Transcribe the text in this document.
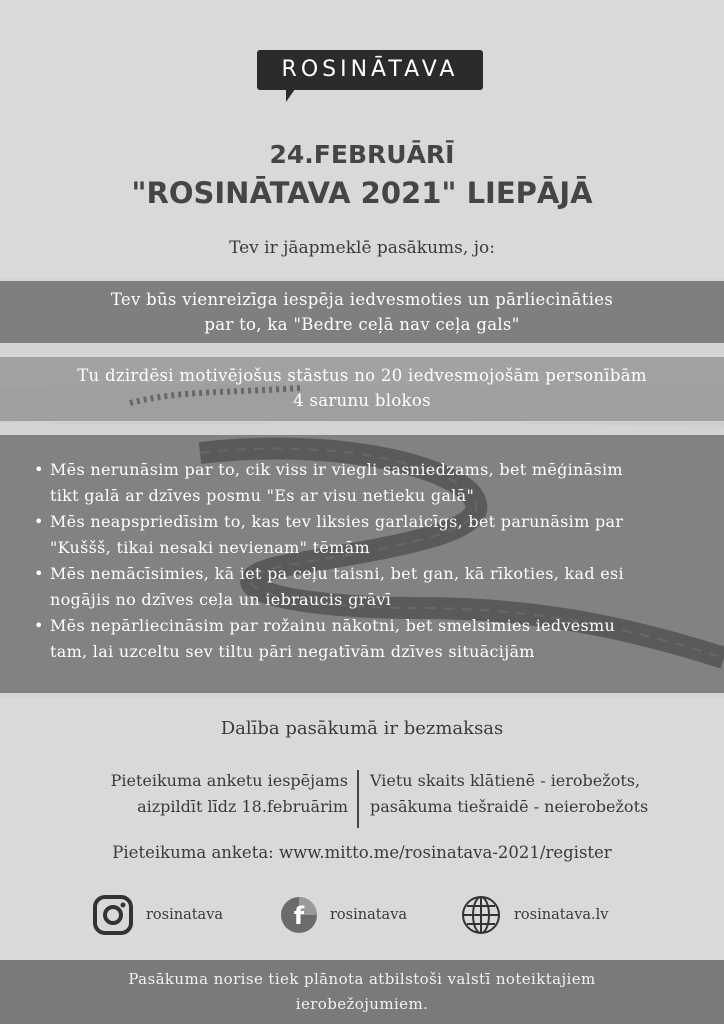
ROSINĀTAVA
24.FEBRUĀRĪ
"ROSINĀTAVA 2021" LIEPĀJĀ
Tev ir jāapmeklē pasākums, jo:
Tev būs vienreizīga iespēja iedvesmoties un pārliecināties
par to, ka "Bedre ceļā nav ceļa gals"
Tu dzirdēsi motivējošus stāstus no 20 iedvesmojošām personībām
4 sarunu blokos
• Mēs nerunāsim par to, cik viss ir viegli sasniedzams, bet mēģināsim
tikt galā ar dzīves posmu "Es ar visu netieku galā"
• Mēs neapspriedīsim to, kas tev liksies garlaicīgs, bet parunāsim par
"Kuššš, tikai nesaki nevienam" tēmām
• Mēs nemācīsimies, kā iet pa ceļu taisni, bet gan, kā rīkoties, kad esi
nogājis no dzīves ceļa un iebraucis grāvī
• Mēs nepārliecināsim par rožainu nākotni, bet smelsimies iedvesmu
tam, lai uzceltu sev tiltu pāri negatīvām dzīves situācijām
Dalība pasākumā ir bezmaksas
Pieteikuma anketu iespējams
aizpildīt līdz 18.februārim
Vietu skaits klātienē - ierobežots,
pasākuma tiešraidē - neierobežots
Pieteikuma anketa: www.mitto.me/rosinatava-2021/register
rosinatava	f rosinatava	rosinatava.lv
Pasākuma norise tiek plānota atbilstoši valstī noteiktajiem
ierobežojumiem.
